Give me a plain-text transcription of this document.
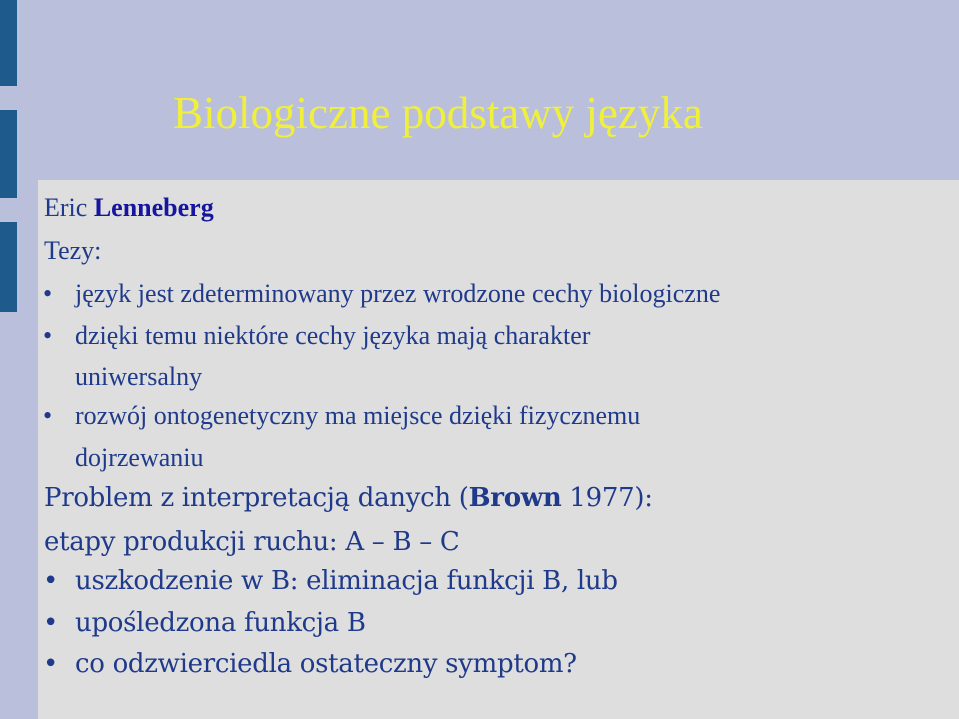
Biologiczne podstawy języka
Eric Lenneberg
Tezy:
• język jest zdeterminowany przez wrodzone cechy biologiczne
• dzięki temu niektóre cechy języka mają charakter
uniwersalny
• rozwój ontogenetyczny ma miejsce dzięki fizycznemu
dojrzewaniu
Problem z interpretacją danych (Brown 1977):
etapy produkcji ruchu: A – B – C
• uszkodzenie w B: eliminacja funkcji B, lub
• upośledzona funkcja B
• co odzwierciedla ostateczny symptom?
